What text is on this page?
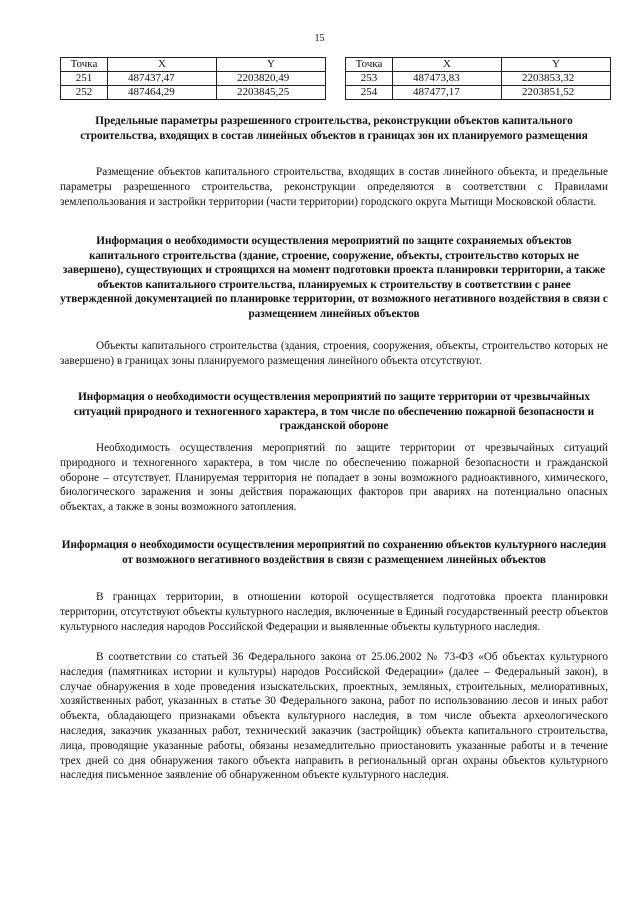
15
Точка	X	Y
251	487437,47	2203820,49
252	487464,29	2203845,25
Точка	X	Y
253	487473,83	2203853,32
254	487477,17	2203851,52
Предельные параметры разрешенного строительства, реконструкции объектов капитального строительства, входящих в состав линейных объектов в границах зон их планируемого размещения
Размещение объектов капитального строительства, входящих в состав линейного объекта, и предельные параметры разрешенного строительства, реконструкции определяются в соответствии с Правилами землепользования и застройки территории (части территории) городского округа Мытищи Московской области.
Информация о необходимости осуществления мероприятий по защите сохраняемых объектов капитального строительства (здание, строение, сооружение, объекты, строительство которых не завершено), существующих и строящихся на момент подготовки проекта планировки территории, а также объектов капитального строительства, планируемых к строительству в соответствии с ранее утвержденной документацией по планировке территории, от возможного негативного воздействия в связи с размещением линейных объектов
Объекты капитального строительства (здания, строения, сооружения, объекты, строительство которых не завершено) в границах зоны планируемого размещения линейного объекта отсутствуют.
Информация о необходимости осуществления мероприятий по защите территории от чрезвычайных ситуаций природного и техногенного характера, в том числе по обеспечению пожарной безопасности и гражданской обороне
Необходимость осуществления мероприятий по защите территории от чрезвычайных ситуаций природного и техногенного характера, в том числе по обеспечению пожарной безопасности и гражданской обороне – отсутствует. Планируемая территория не попадает в зоны возможного радиоактивного, химического, биологического заражения и зоны действия поражающих факторов при авариях на потенциально опасных объектах, а также в зоны возможного затопления.
Информация о необходимости осуществления мероприятий по сохранению объектов культурного наследия от возможного негативного воздействия в связи с размещением линейных объектов
В границах территории, в отношении которой осуществляется подготовка проекта планировки территории, отсутствуют объекты культурного наследия, включенные в Единый государственный реестр объектов культурного наследия народов Российской Федерации и выявленные объекты культурного наследия.
В соответствии со статьей 36 Федерального закона от 25.06.2002 № 73-ФЗ «Об объектах культурного наследия (памятниках истории и культуры) народов Российской Федерации» (далее – Федеральный закон), в случае обнаружения в ходе проведения изыскательских, проектных, земляных, строительных, мелиоративных, хозяйственных работ, указанных в статье 30 Федерального закона, работ по использованию лесов и иных работ объекта, обладающего признаками объекта культурного наследия, в том числе объекта археологического наследия, заказчик указанных работ, технический заказчик (застройщик) объекта капитального строительства, лица, проводящие указанные работы, обязаны незамедлительно приостановить указанные работы и в течение трех дней со дня обнаружения такого объекта направить в региональный орган охраны объектов культурного наследия письменное заявление об обнаруженном объекте культурного наследия.
